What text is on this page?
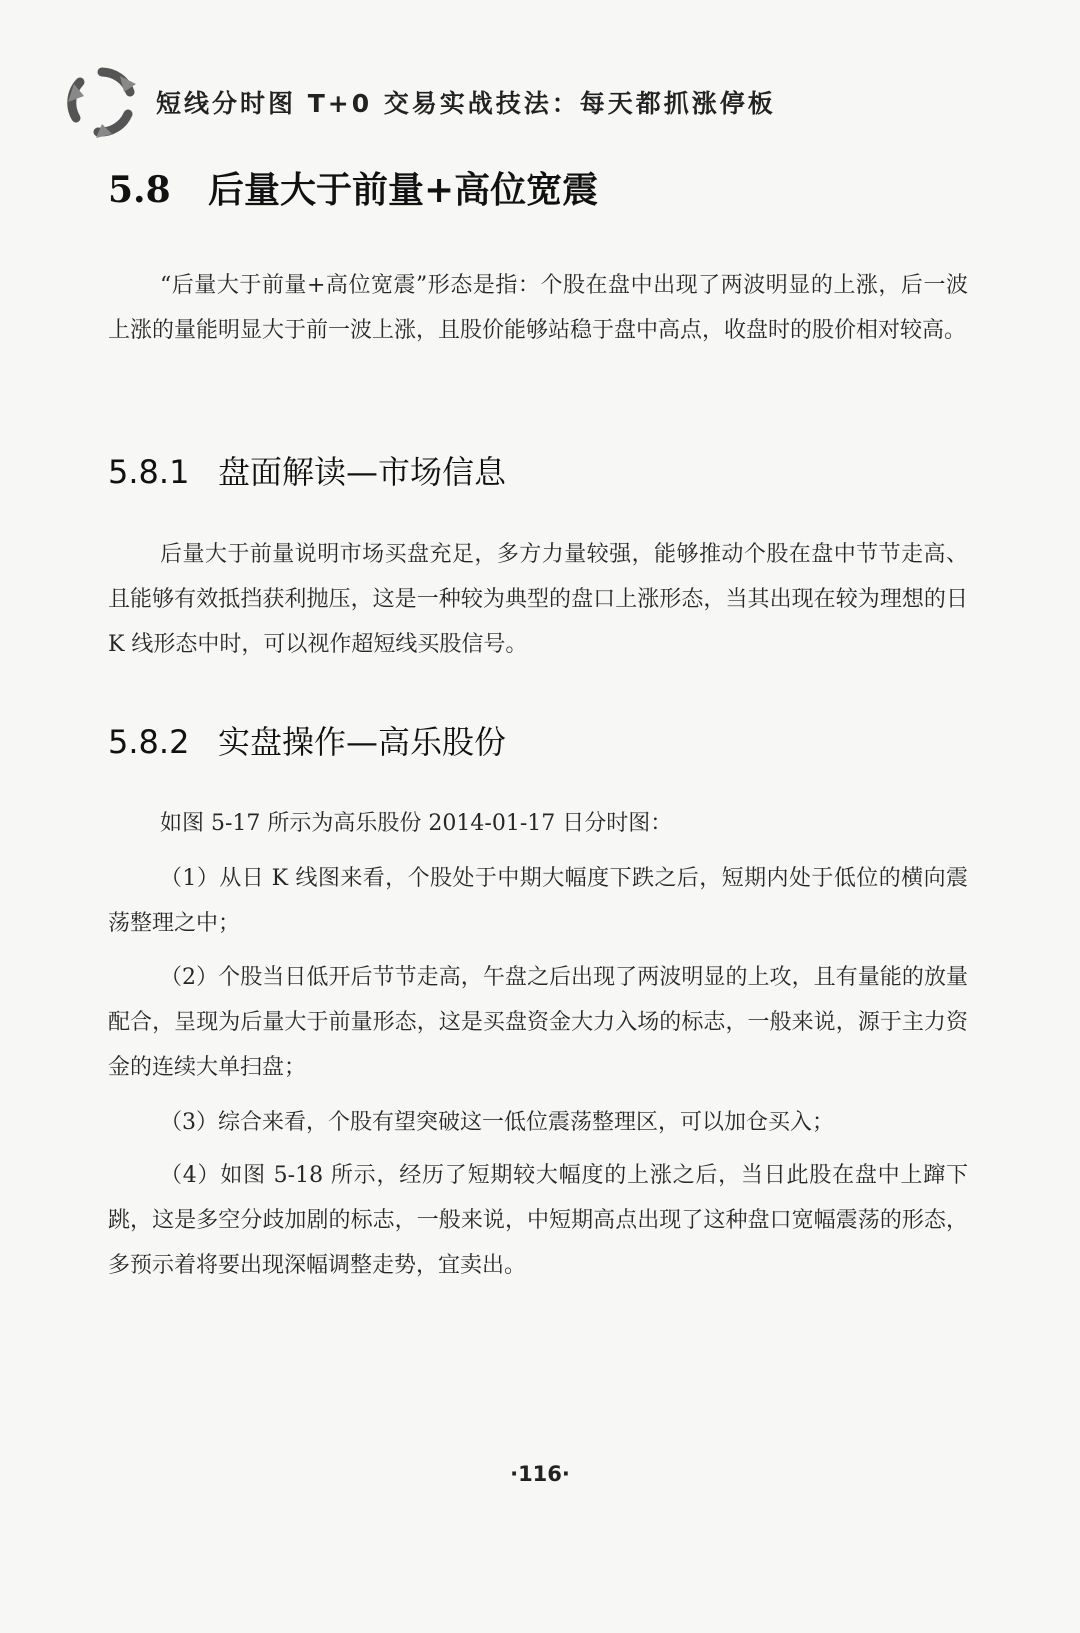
短线分时图 T+0 交易实战技法：每天都抓涨停板
5.8 后量大于前量+高位宽震

“后量大于前量+高位宽震”形态是指：个股在盘中出现了两波明显的上涨，后一波上涨的量能明显大于前一波上涨，且股价能够站稳于盘中高点，收盘时的股价相对较高。

5.8.1 盘面解读—市场信息

后量大于前量说明市场买盘充足，多方力量较强，能够推动个股在盘中节节走高、且能够有效抵挡获利抛压，这是一种较为典型的盘口上涨形态，当其出现在较为理想的日 K 线形态中时，可以视作超短线买股信号。

5.8.2 实盘操作—高乐股份

如图 5-17 所示为高乐股份 2014-01-17 日分时图：

（1）从日 K 线图来看，个股处于中期大幅度下跌之后，短期内处于低位的横向震荡整理之中；

（2）个股当日低开后节节走高，午盘之后出现了两波明显的上攻，且有量能的放量配合，呈现为后量大于前量形态，这是买盘资金大力入场的标志，一般来说，源于主力资金的连续大单扫盘；

（3）综合来看，个股有望突破这一低位震荡整理区，可以加仓买入；

（4）如图 5-18 所示，经历了短期较大幅度的上涨之后，当日此股在盘中上蹿下跳，这是多空分歧加剧的标志，一般来说，中短期高点出现了这种盘口宽幅震荡的形态，多预示着将要出现深幅调整走势，宜卖出。

·116·
